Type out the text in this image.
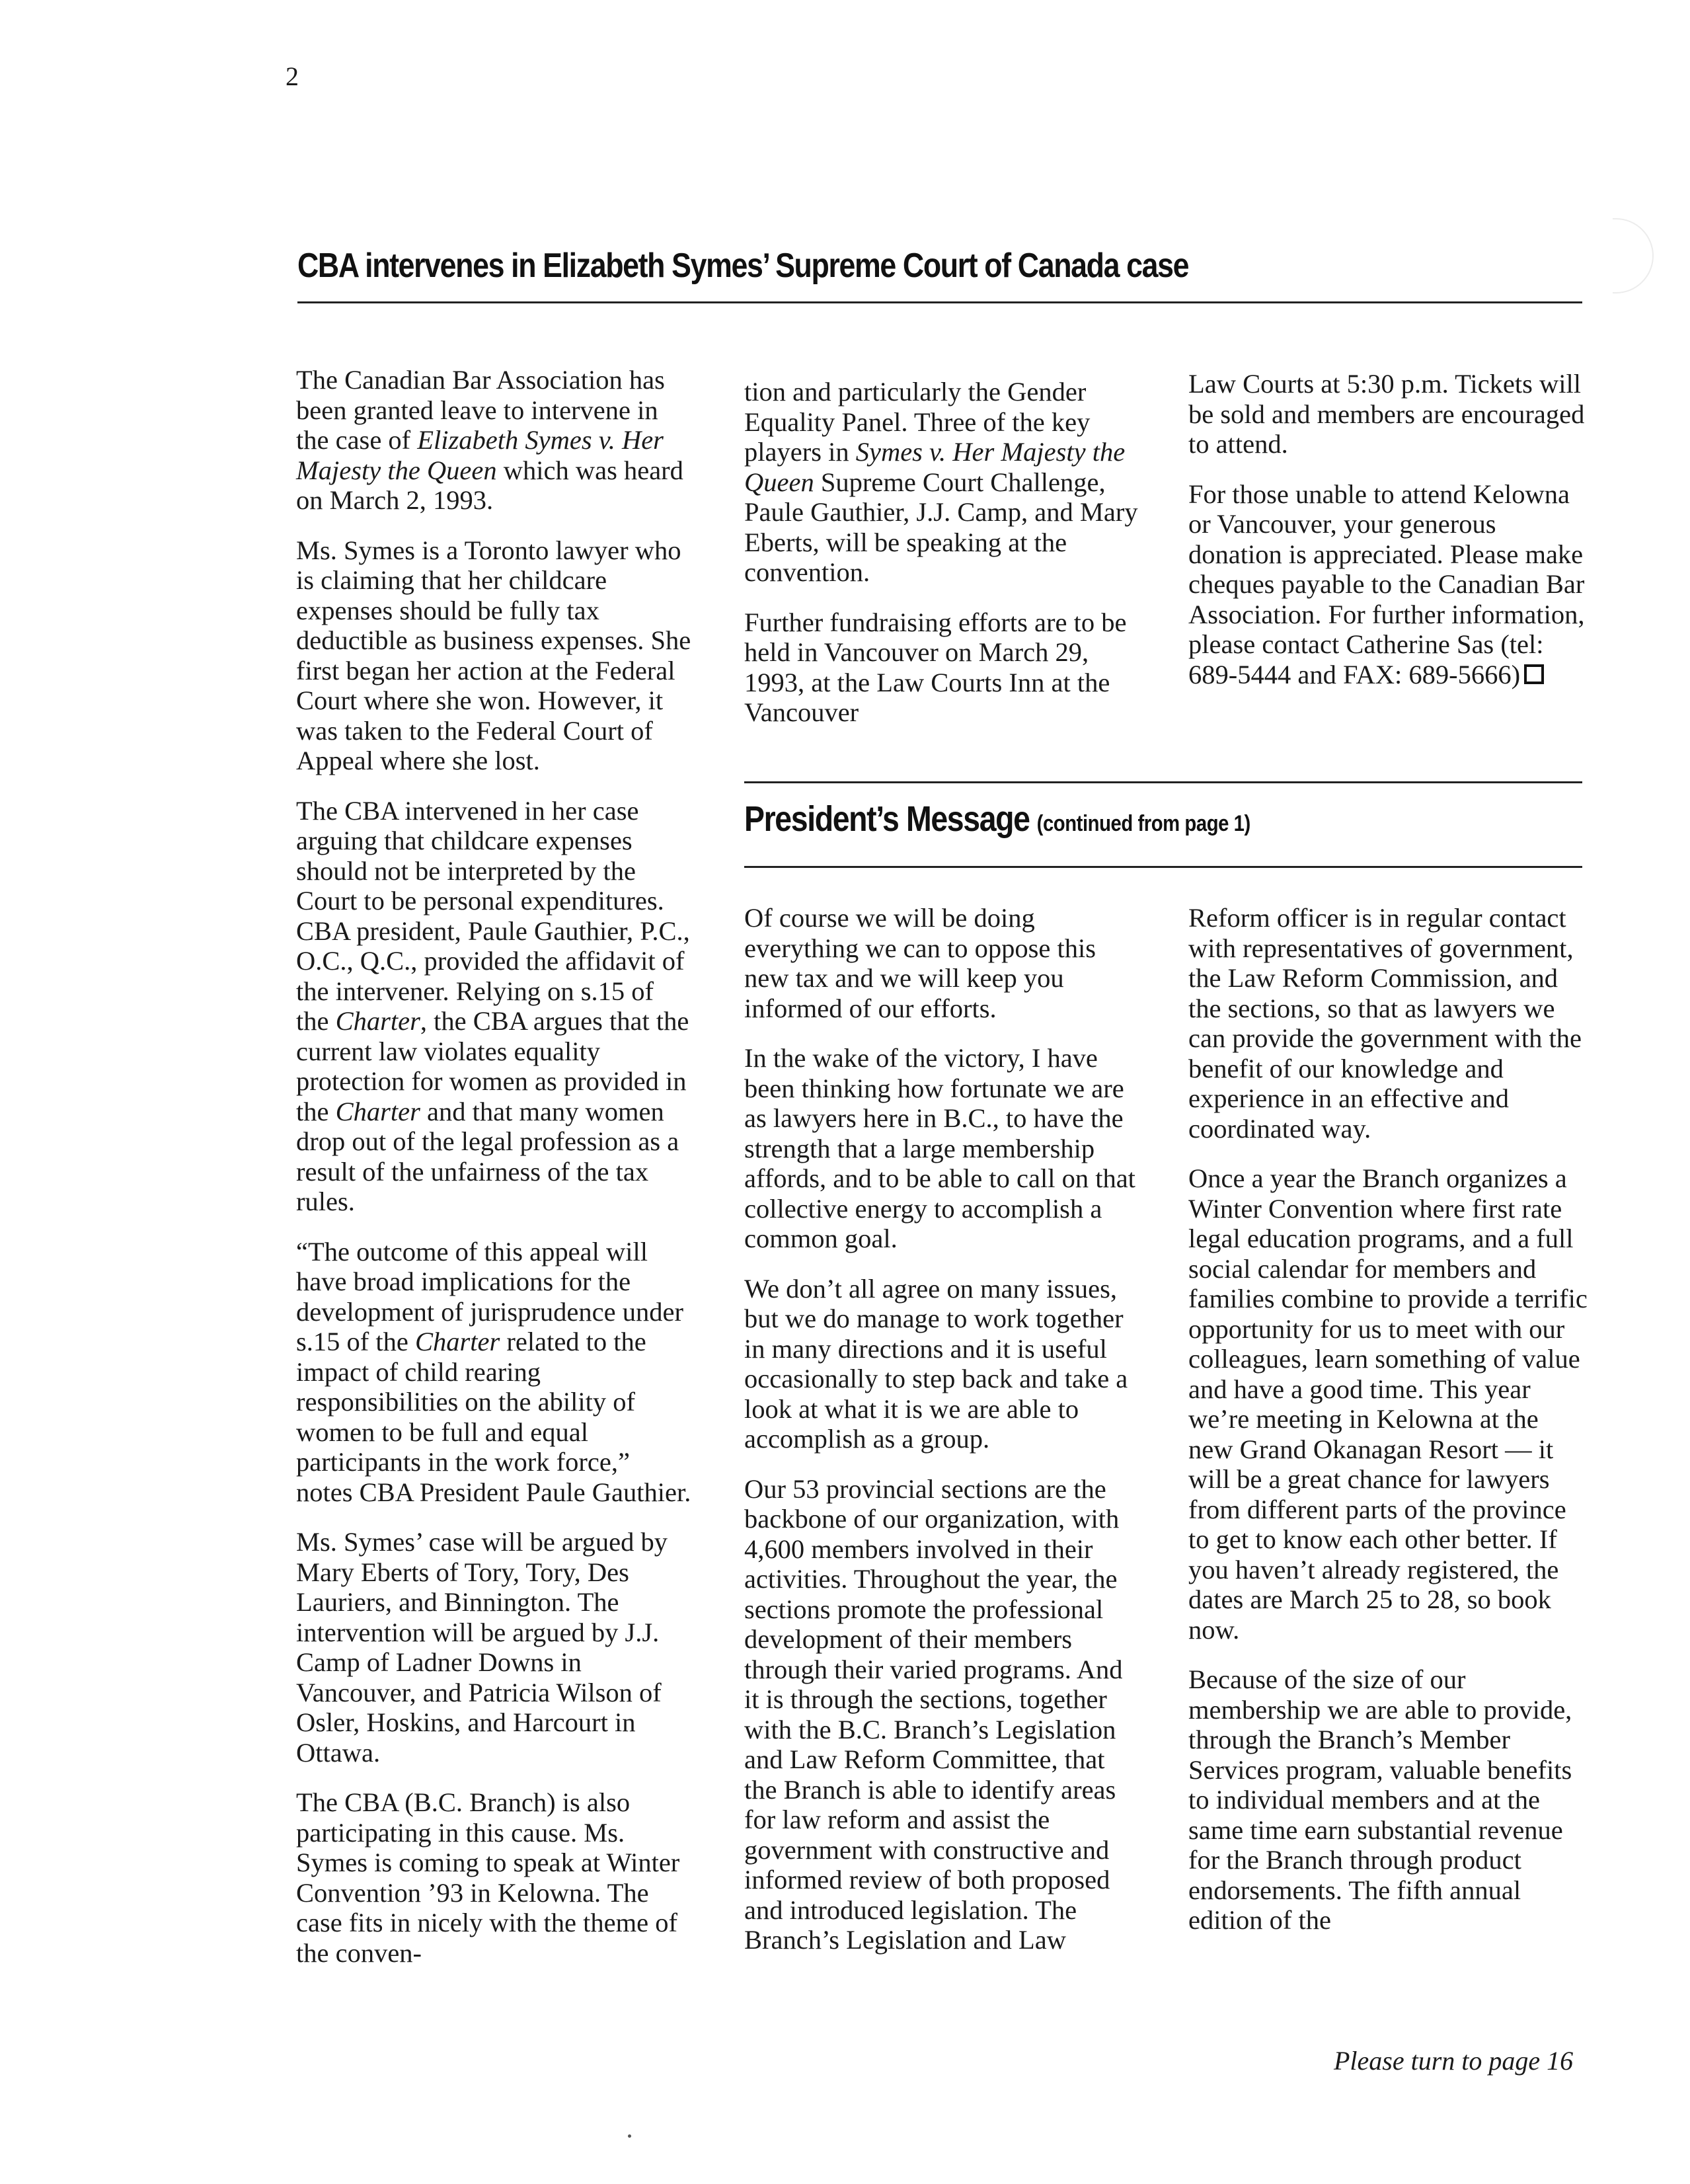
2
CBA intervenes in Elizabeth Symes’ Supreme Court of Canada case

The Canadian Bar Association has been granted leave to intervene in the case of Elizabeth Symes v. Her Majesty the Queen which was heard on March 2, 1993.

Ms. Symes is a Toronto lawyer who is claiming that her childcare expenses should be fully tax deductible as business expenses. She first began her action at the Federal Court where she won. However, it was taken to the Federal Court of Appeal where she lost.

The CBA intervened in her case arguing that childcare expenses should not be interpreted by the Court to be personal expenditures. CBA president, Paule Gauthier, P.C., O.C., Q.C., provided the affidavit of the intervener. Relying on s.15 of the Charter, the CBA argues that the current law violates equality protection for women as provided in the Charter and that many women drop out of the legal profession as a result of the unfairness of the tax rules.

“The outcome of this appeal will have broad implications for the development of jurisprudence under s.15 of the Charter related to the impact of child rearing responsibilities on the ability of women to be full and equal participants in the work force,” notes CBA President Paule Gauthier.

Ms. Symes’ case will be argued by Mary Eberts of Tory, Tory, Des Lauriers, and Binnington. The intervention will be argued by J.J. Camp of Ladner Downs in Vancouver, and Patricia Wilson of Osler, Hoskins, and Harcourt in Ottawa.

The CBA (B.C. Branch) is also participating in this cause. Ms. Symes is coming to speak at Winter Convention ’93 in Kelowna. The case fits in nicely with the theme of the conven-

tion and particularly the Gender Equality Panel. Three of the key players in Symes v. Her Majesty the Queen Supreme Court Challenge, Paule Gauthier, J.J. Camp, and Mary Eberts, will be speaking at the convention.

Further fundraising efforts are to be held in Vancouver on March 29, 1993, at the Law Courts Inn at the Vancouver

Law Courts at 5:30 p.m. Tickets will be sold and members are encouraged to attend.

For those unable to attend Kelowna or Vancouver, your generous donation is appreciated. Please make cheques payable to the Canadian Bar Association. For further information, please contact Catherine Sas (tel: 689-5444 and FAX: 689-5666)

President’s Message (continued from page 1)

Of course we will be doing everything we can to oppose this new tax and we will keep you informed of our efforts.

In the wake of the victory, I have been thinking how fortunate we are as lawyers here in B.C., to have the strength that a large membership affords, and to be able to call on that collective energy to accomplish a common goal.

We don’t all agree on many issues, but we do manage to work together in many directions and it is useful occasionally to step back and take a look at what it is we are able to accomplish as a group.

Our 53 provincial sections are the backbone of our organization, with 4,600 members involved in their activities. Throughout the year, the sections promote the professional development of their members through their varied programs. And it is through the sections, together with the B.C. Branch’s Legislation and Law Reform Committee, that the Branch is able to identify areas for law reform and assist the government with constructive and informed review of both proposed and introduced legislation. The Branch’s Legislation and Law

Reform officer is in regular contact with representatives of government, the Law Reform Commission, and the sections, so that as lawyers we can provide the government with the benefit of our knowledge and experience in an effective and coordinated way.

Once a year the Branch organizes a Winter Convention where first rate legal education programs, and a full social calendar for members and families combine to provide a terrific opportunity for us to meet with our colleagues, learn something of value and have a good time. This year we’re meeting in Kelowna at the new Grand Okanagan Resort — it will be a great chance for lawyers from different parts of the province to get to know each other better. If you haven’t already registered, the dates are March 25 to 28, so book now.

Because of the size of our membership we are able to provide, through the Branch’s Member Services program, valuable benefits to individual members and at the same time earn substantial revenue for the Branch through product endorsements. The fifth annual edition of the

Please turn to page 16
